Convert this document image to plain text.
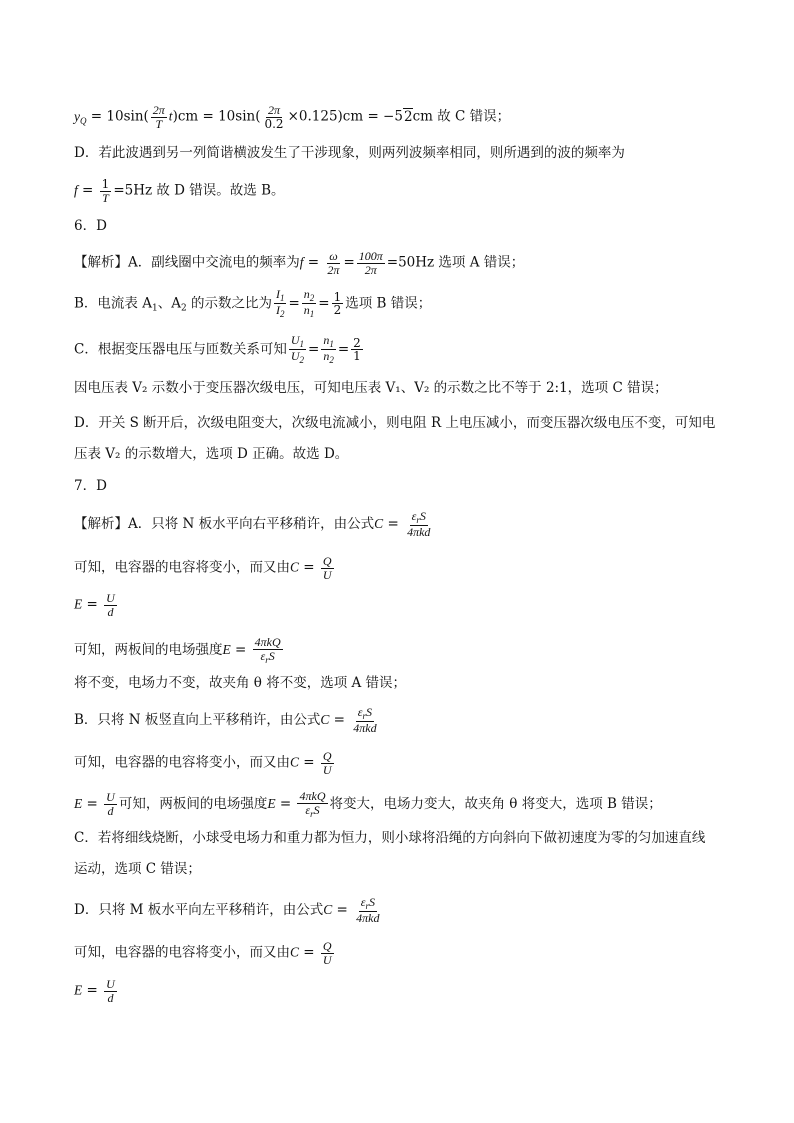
$y_Q = 10\sin( \frac{2\pi}{T} t)cm = 10\sin( \frac{2\pi}{0.2} \times 0.125)cm = -52cm$ 故 C 错误；
D．若此波遇到另一列简谐横波发生了干涉现象，则两列波频率相同，则所遇到的波的频率为
$f = \frac{1}{T} =5Hz$ 故 D 错误。故选 B。
6．D
【解析】A．副线圈中交流电的频率为$f = \frac{\omega}{2\pi} = \frac{100\pi}{2\pi} =50Hz$ 选项 A 错误；
B．电流表 $A_1$、$A_2$ 的示数之比为 $\frac{I_1}{I_2} = \frac{n_2}{n_1} = \frac{1}{2}$ 选项 B 错误；
C．根据变压器电压与匝数关系可知 $\frac{U_1}{U_2} = \frac{n_1}{n_2} = \frac{2}{1}$
因电压表 V₂ 示数小于变压器次级电压，可知电压表 V₁、V₂ 的示数之比不等于 2:1，选项 C 错误；
D．开关 S 断开后，次级电阻变大，次级电流减小，则电阻 R 上电压减小，而变压器次级电压不变，可知电
压表 V₂ 的示数增大，选项 D 正确。故选 D。
7．D
【解析】A．只将 N 板水平向右平移稍许，由公式$C = \frac{\varepsilon_rS}{\text{4πkd}}$
可知，电容器的电容将变小，而又由$C = \frac{Q}{U}$
$E = \frac{U}{d}$
可知，两板间的电场强度$E = \frac{\text{4πkQ}}{\varepsilon_rS}$
将不变，电场力不变，故夹角 θ 将不变，选项 A 错误；
B．只将 N 板竖直向上平移稍许，由公式$C = \frac{\varepsilon_rS}{\text{4πkd}}$
可知，电容器的电容将变小，而又由$C = \frac{Q}{U}$
$E = \frac{U}{d}$ 可知，两板间的电场强度$E = \frac{\text{4πkQ}}{\varepsilon_rS}$ 将变大，电场力变大，故夹角 θ 将变大，选项 B 错误；
C．若将细线烧断，小球受电场力和重力都为恒力，则小球将沿绳的方向斜向下做初速度为零的匀加速直线
运动，选项 C 错误；
D．只将 M 板水平向左平移稍许，由公式$C = \frac{\varepsilon_rS}{\text{4πkd}}$
可知，电容器的电容将变小，而又由$C = \frac{Q}{U}$
$E = \frac{U}{d}$
